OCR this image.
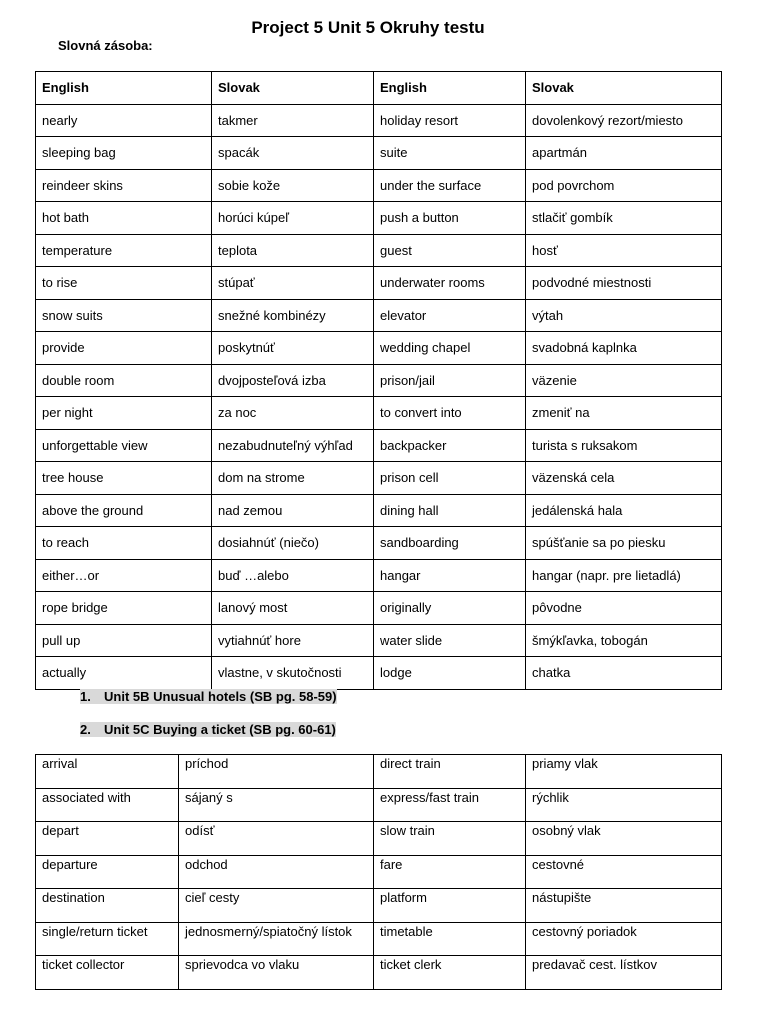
Project 5 Unit 5 Okruhy testu
Slovná zásoba:
English	Slovak	English	Slovak
nearly	takmer	holiday resort	dovolenkový rezort/miesto
sleeping bag	spacák	suite	apartmán
reindeer skins	sobie kože	under the surface	pod povrchom
hot bath	horúci kúpeľ	push a button	stlačiť gombík
temperature	teplota	guest	hosť
to rise	stúpať	underwater rooms	podvodné miestnosti
snow suits	snežné kombinézy	elevator	výtah
provide	poskytnúť	wedding chapel	svadobná kaplnka
double room	dvojposteľová izba	prison/jail	väzenie
per night	za noc	to convert into	zmeniť na
unforgettable view	nezabudnuteľný výhľad	backpacker	turista s ruksakom
tree house	dom na strome	prison cell	väzenská cela
above the ground	nad zemou	dining hall	jedálenská hala
to reach	dosiahnúť (niečo)	sandboarding	spúšťanie sa po piesku
either…or	buď …alebo	hangar	hangar (napr. pre lietadlá)
rope bridge	lanový most	originally	pôvodne
pull up	vytiahnúť hore	water slide	šmýkľavka, tobogán
actually	vlastne, v skutočnosti	lodge	chatka
1. Unit 5B Unusual hotels (SB pg. 58-59)
2. Unit 5C Buying a ticket (SB pg. 60-61)
arrival	príchod	direct train	priamy vlak
associated with	sájaný s	express/fast train	rýchlik
depart	odísť	slow train	osobný vlak
departure	odchod	fare	cestovné
destination	cieľ cesty	platform	nástupište
single/return ticket	jednosmerný/spiatočný lístok	timetable	cestovný poriadok
ticket collector	sprievodca vo vlaku	ticket clerk	predavač cest. lístkov
